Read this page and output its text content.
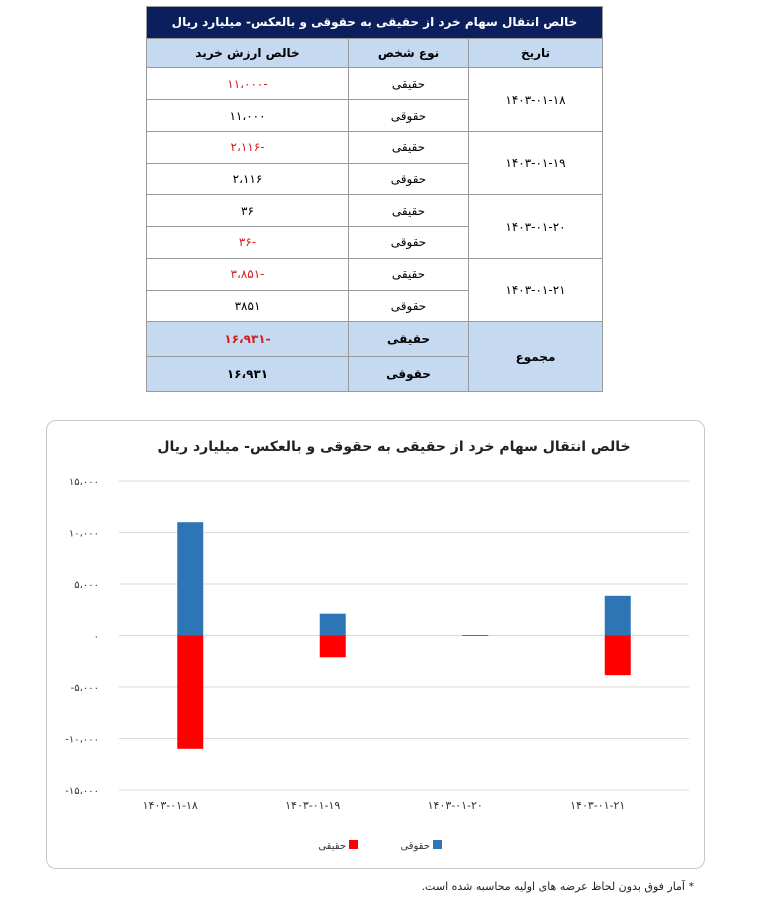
خالص انتقال سهام خرد از حقیقی به حقوقی و بالعکس- میلیارد ریال		
تاریخ	نوع شخص	خالص ارزش خرید
۱۴۰۳-۰۱-۱۸	حقیقی	-۱۱،۰۰۰
	حقوقی	۱۱،۰۰۰
۱۴۰۳-۰۱-۱۹	حقیقی	-۲،۱۱۶
	حقوقی	۲،۱۱۶
۱۴۰۳-۰۱-۲۰	حقیقی	۳۶
	حقوقی	-۳۶
۱۴۰۳-۰۱-۲۱	حقیقی	-۳،۸۵۱
	حقوقی	۳۸۵۱
مجموع	حقیقی	-۱۶،۹۳۱
	حقوقی	۱۶،۹۳۱
خالص انتقال سهام خرد از حقیقی به حقوقی و بالعکس- میلیارد ریال
۱۵،۰۰۰
۱۰،۰۰۰
۵،۰۰۰
۰
-۵،۰۰۰
-۱۰،۰۰۰
-۱۵،۰۰۰
۱۴۰۳-۰۱-۱۸	۱۴۰۳-۰۱-۱۹	۱۴۰۳-۰۱-۲۰	۱۴۰۳-۰۱-۲۱
حقوقی
حقیقی
* آمار فوق بدون لحاظ عرضه های اولیه محاسبه شده است.
